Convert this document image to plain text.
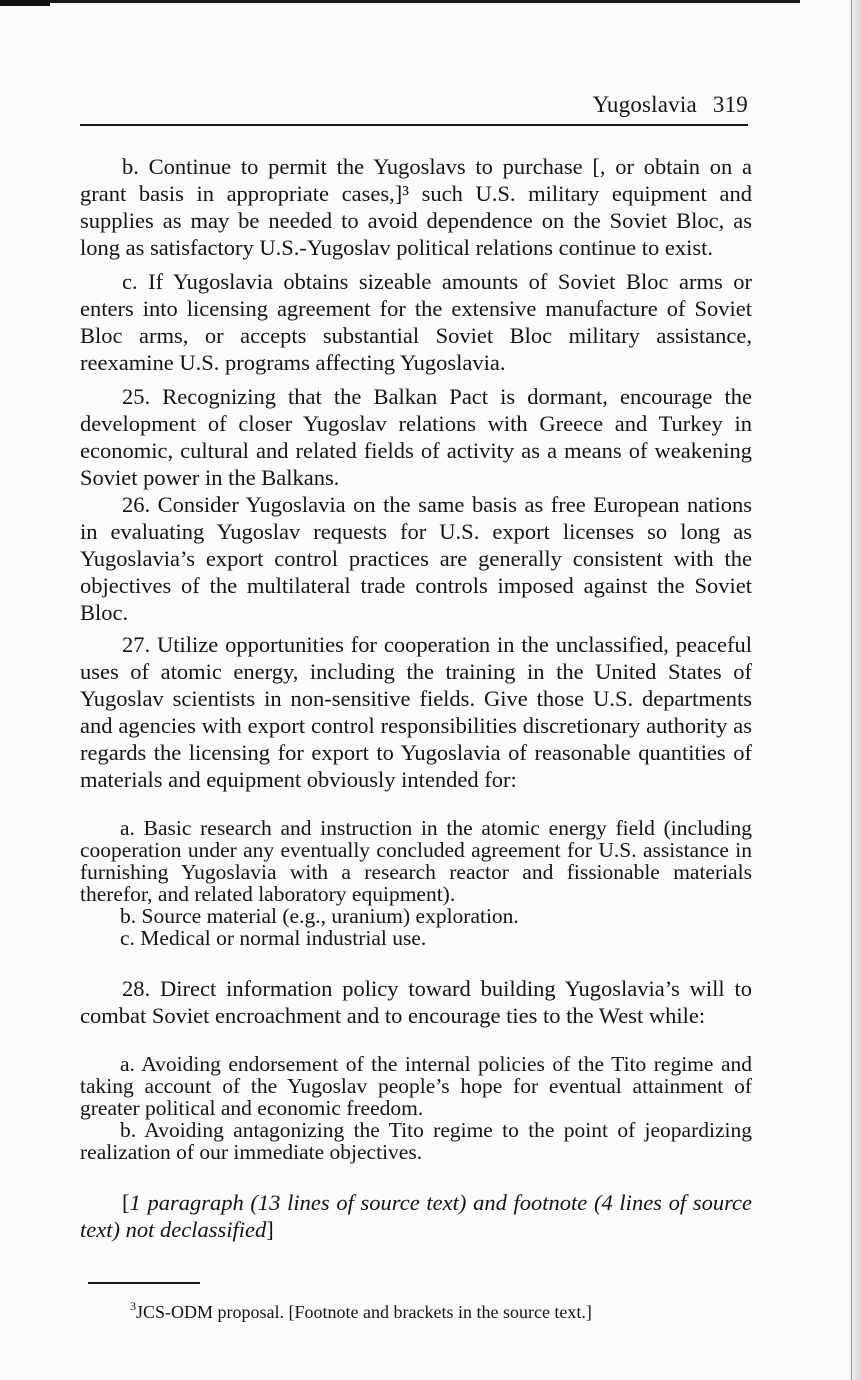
Yugoslavia 319

b. Continue to permit the Yugoslavs to purchase [, or obtain on a grant basis in appropriate cases,]³ such U.S. military equipment and supplies as may be needed to avoid dependence on the Soviet Bloc, as long as satisfactory U.S.-Yugoslav political relations continue to exist.

c. If Yugoslavia obtains sizeable amounts of Soviet Bloc arms or enters into licensing agreement for the extensive manufacture of Soviet Bloc arms, or accepts substantial Soviet Bloc military assistance, reexamine U.S. programs affecting Yugoslavia.

25. Recognizing that the Balkan Pact is dormant, encourage the development of closer Yugoslav relations with Greece and Turkey in economic, cultural and related fields of activity as a means of weakening Soviet power in the Balkans.

26. Consider Yugoslavia on the same basis as free European nations in evaluating Yugoslav requests for U.S. export licenses so long as Yugoslavia’s export control practices are generally consistent with the objectives of the multilateral trade controls imposed against the Soviet Bloc.

27. Utilize opportunities for cooperation in the unclassified, peaceful uses of atomic energy, including the training in the United States of Yugoslav scientists in non-sensitive fields. Give those U.S. departments and agencies with export control responsibilities discretionary authority as regards the licensing for export to Yugoslavia of reasonable quantities of materials and equipment obviously intended for:

a. Basic research and instruction in the atomic energy field (including cooperation under any eventually concluded agreement for U.S. assistance in furnishing Yugoslavia with a research reactor and fissionable materials therefor, and related laboratory equipment).
b. Source material (e.g., uranium) exploration.
c. Medical or normal industrial use.

28. Direct information policy toward building Yugoslavia’s will to combat Soviet encroachment and to encourage ties to the West while:

a. Avoiding endorsement of the internal policies of the Tito regime and taking account of the Yugoslav people’s hope for eventual attainment of greater political and economic freedom.
b. Avoiding antagonizing the Tito regime to the point of jeopardizing realization of our immediate objectives.

[1 paragraph (13 lines of source text) and footnote (4 lines of source text) not declassified]

$^3$JCS-ODM proposal. [Footnote and brackets in the source text.]
